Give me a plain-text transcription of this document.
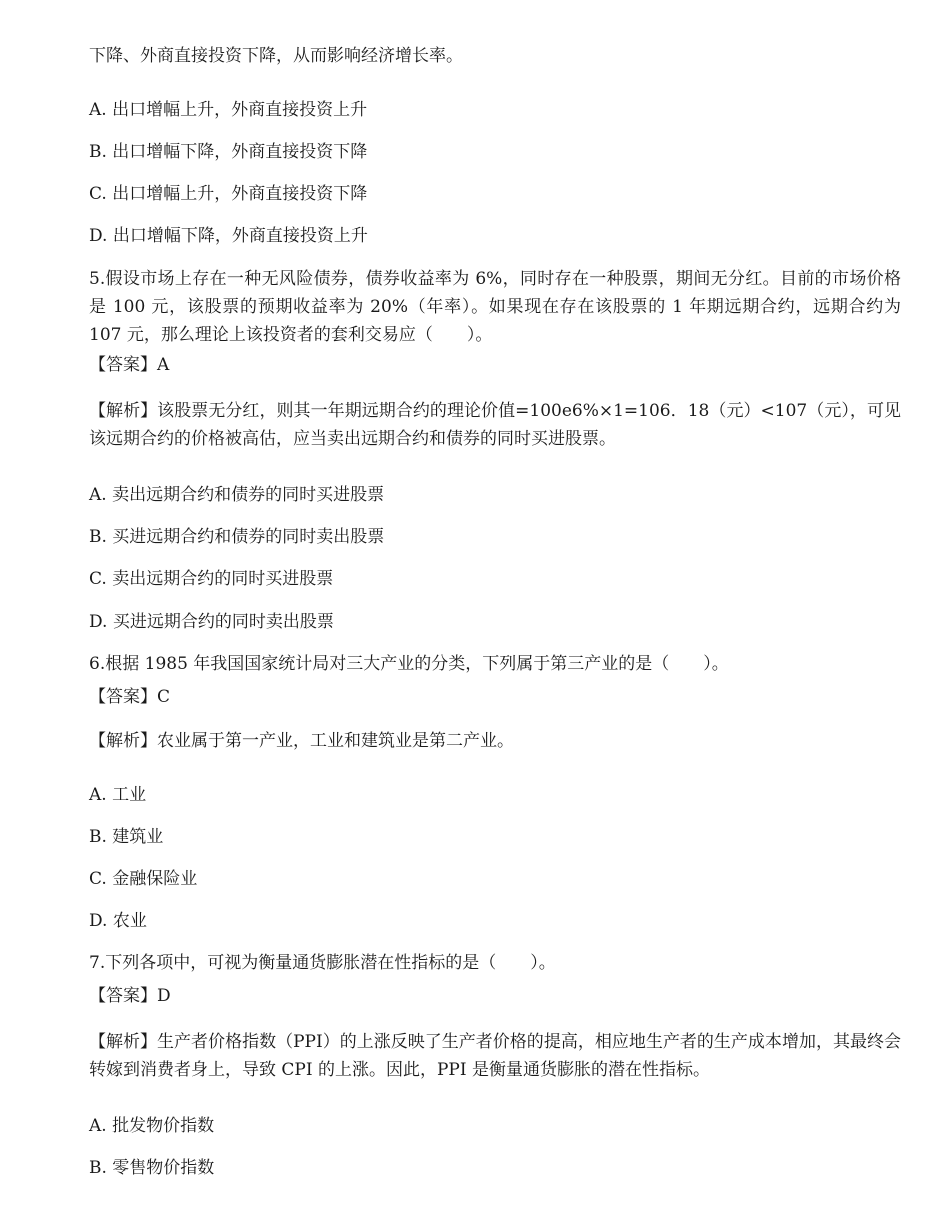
下降、外商直接投资下降，从而影响经济增长率。
A. 出口增幅上升，外商直接投资上升
B. 出口增幅下降，外商直接投资下降
C. 出口增幅上升，外商直接投资下降
D. 出口增幅下降，外商直接投资上升
5.假设市场上存在一种无风险债券，债券收益率为 6%，同时存在一种股票，期间无分红。目前的市场价格是 100 元，该股票的预期收益率为 20%（年率）。如果现在存在该股票的 1 年期远期合约，远期合约为 107 元，那么理论上该投资者的套利交易应（　　）。
【答案】A
【解析】该股票无分红，则其一年期远期合约的理论价值=100e6%×1=106．18（元）<107（元），可见该远期合约的价格被高估，应当卖出远期合约和债券的同时买进股票。
A. 卖出远期合约和债券的同时买进股票
B. 买进远期合约和债券的同时卖出股票
C. 卖出远期合约的同时买进股票
D. 买进远期合约的同时卖出股票
6.根据 1985 年我国国家统计局对三大产业的分类，下列属于第三产业的是（　　）。
【答案】C
【解析】农业属于第一产业，工业和建筑业是第二产业。
A. 工业
B. 建筑业
C. 金融保险业
D. 农业
7.下列各项中，可视为衡量通货膨胀潜在性指标的是（　　）。
【答案】D
【解析】生产者价格指数（PPI）的上涨反映了生产者价格的提高，相应地生产者的生产成本增加，其最终会转嫁到消费者身上，导致 CPI 的上涨。因此，PPI 是衡量通货膨胀的潜在性指标。
A. 批发物价指数
B. 零售物价指数
